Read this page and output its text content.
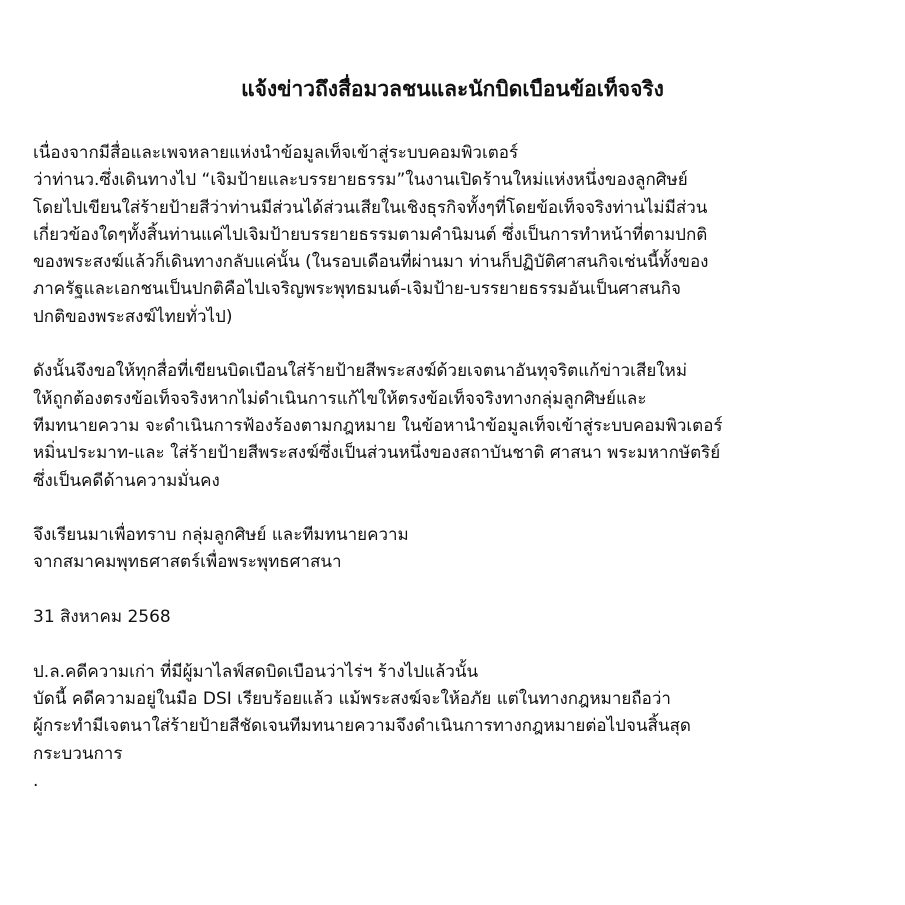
แจ้งข่าวถึงสื่อมวลชนและนักบิดเบือนข้อเท็จจริง
เนื่องจากมีสื่อและเพจหลายแห่งนำข้อมูลเท็จเข้าสู่ระบบคอมพิวเตอร์
ว่าท่านว.ซึ่งเดินทางไป “เจิมป้ายและบรรยายธรรม”ในงานเปิดร้านใหม่แห่งหนึ่งของลูกศิษย์
โดยไปเขียนใส่ร้ายป้ายสีว่าท่านมีส่วนได้ส่วนเสียในเชิงธุรกิจทั้งๆที่โดยข้อเท็จจริงท่านไม่มีส่วน
เกี่ยวข้องใดๆทั้งสิ้นท่านแค่ไปเจิมป้ายบรรยายธรรมตามคำนิมนต์ ซึ่งเป็นการทำหน้าที่ตามปกติ
ของพระสงฆ์แล้วก็เดินทางกลับแค่นั้น (ในรอบเดือนที่ผ่านมา ท่านก็ปฏิบัติศาสนกิจเช่นนี้ทั้งของ
ภาครัฐและเอกชนเป็นปกติคือไปเจริญพระพุทธมนต์-เจิมป้าย-บรรยายธรรมอันเป็นศาสนกิจ
ปกติของพระสงฆ์ไทยทั่วไป)
ดังนั้นจึงขอให้ทุกสื่อที่เขียนบิดเบือนใส่ร้ายป้ายสีพระสงฆ์ด้วยเจตนาอันทุจริตแก้ข่าวเสียใหม่
ให้ถูกต้องตรงข้อเท็จจริงหากไม่ดำเนินการแก้ไขให้ตรงข้อเท็จจริงทางกลุ่มลูกศิษย์และ
ทีมทนายความ จะดำเนินการฟ้องร้องตามกฎหมาย ในข้อหานำข้อมูลเท็จเข้าสู่ระบบคอมพิวเตอร์
หมิ่นประมาท-และ ใส่ร้ายป้ายสีพระสงฆ์ซึ่งเป็นส่วนหนึ่งของสถาบันชาติ ศาสนา พระมหากษัตริย์
ซึ่งเป็นคดีด้านความมั่นคง
จึงเรียนมาเพื่อทราบ กลุ่มลูกศิษย์ และทีมทนายความ
จากสมาคมพุทธศาสตร์เพื่อพระพุทธศาสนา
31 สิงหาคม 2568
ป.ล.คดีความเก่า ที่มีผู้มาไลฟ์สดบิดเบือนว่าไร่ฯ ร้างไปแล้วนั้น
บัดนี้ คดีความอยู่ในมือ DSI เรียบร้อยแล้ว แม้พระสงฆ์จะให้อภัย แต่ในทางกฎหมายถือว่า
ผู้กระทำมีเจตนาใส่ร้ายป้ายสีชัดเจนทีมทนายความจึงดำเนินการทางกฎหมายต่อไปจนสิ้นสุด
กระบวนการ
.
